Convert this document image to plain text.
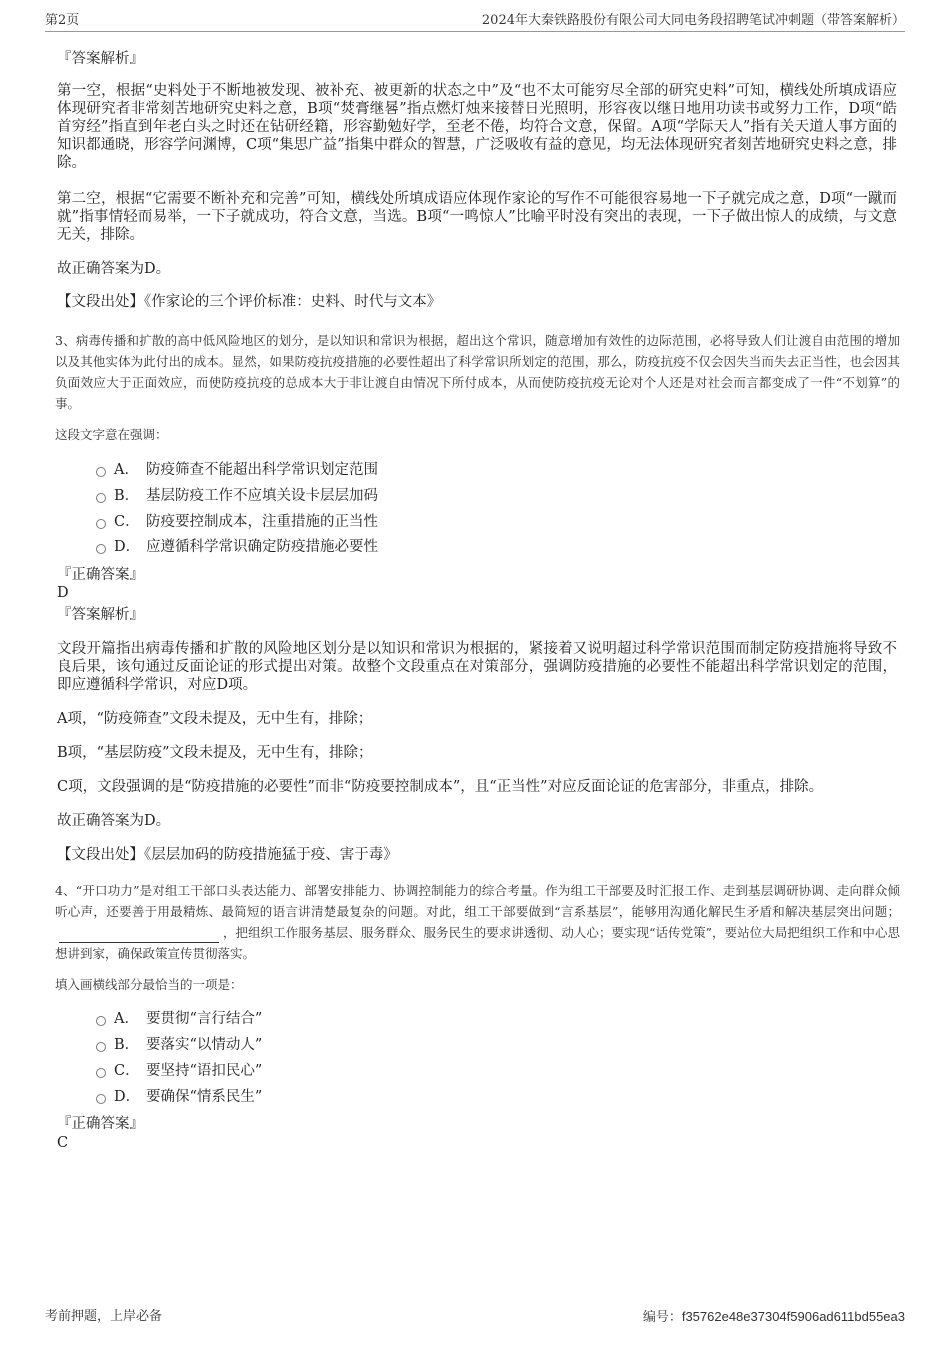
第2页	2024年大秦铁路股份有限公司大同电务段招聘笔试冲刺题（带答案解析）
『答案解析』
第一空，根据“史料处于不断地被发现、被补充、被更新的状态之中”及“也不太可能穷尽全部的研究史料”可知，横线处所填成语应体现研究者非常刻苦地研究史料之意，B项“焚膏继晷”指点燃灯烛来接替日光照明，形容夜以继日地用功读书或努力工作，D项“皓首穷经”指直到年老白头之时还在钻研经籍，形容勤勉好学，至老不倦，均符合文意，保留。A项“学际天人”指有关天道人事方面的知识都通晓，形容学问渊博，C项“集思广益”指集中群众的智慧，广泛吸收有益的意见，均无法体现研究者刻苦地研究史料之意，排除。
第二空，根据“它需要不断补充和完善”可知，横线处所填成语应体现作家论的写作不可能很容易地一下子就完成之意，D项“一蹴而就”指事情轻而易举，一下子就成功，符合文意，当选。B项“一鸣惊人”比喻平时没有突出的表现，一下子做出惊人的成绩，与文意无关，排除。
故正确答案为D。
【文段出处】《作家论的三个评价标准：史料、时代与文本》
3、病毒传播和扩散的高中低风险地区的划分，是以知识和常识为根据，超出这个常识，随意增加有效性的边际范围，必将导致人们让渡自由范围的增加以及其他实体为此付出的成本。显然，如果防疫抗疫措施的必要性超出了科学常识所划定的范围，那么，防疫抗疫不仅会因失当而失去正当性，也会因其负面效应大于正面效应，而使防疫抗疫的总成本大于非让渡自由情况下所付成本，从而使防疫抗疫无论对个人还是对社会而言都变成了一件“不划算”的事。
这段文字意在强调：
A． 防疫筛查不能超出科学常识划定范围
B． 基层防疫工作不应填关设卡层层加码
C． 防疫要控制成本，注重措施的正当性
D． 应遵循科学常识确定防疫措施必要性
『正确答案』
D
『答案解析』
文段开篇指出病毒传播和扩散的风险地区划分是以知识和常识为根据的，紧接着又说明超过科学常识范围而制定防疫措施将导致不良后果，该句通过反面论证的形式提出对策。故整个文段重点在对策部分，强调防疫措施的必要性不能超出科学常识划定的范围，即应遵循科学常识，对应D项。
A项，“防疫筛查”文段未提及，无中生有，排除；
B项，“基层防疫”文段未提及，无中生有，排除；
C项，文段强调的是“防疫措施的必要性”而非“防疫要控制成本”，且“正当性”对应反面论证的危害部分，非重点，排除。
故正确答案为D。
【文段出处】《层层加码的防疫措施猛于疫、害于毒》
4、“开口功力”是对组工干部口头表达能力、部署安排能力、协调控制能力的综合考量。作为组工干部要及时汇报工作、走到基层调研协调、走向群众倾听心声，还要善于用最精炼、最简短的语言讲清楚最复杂的问题。对此，组工干部要做到“言系基层”，能够用沟通化解民生矛盾和解决基层突出问题；，把组织工作服务基层、服务群众、服务民生的要求讲透彻、动人心；要实现“话传党策”，要站位大局把组织工作和中心思想讲到家，确保政策宣传贯彻落实。
填入画横线部分最恰当的一项是：
A． 要贯彻“言行结合”
B． 要落实“以情动人”
C． 要坚持“语扣民心”
D． 要确保“情系民生”
『正确答案』
C
考前押题，上岸必备	编号：f35762e48e37304f5906ad611bd55ea3
